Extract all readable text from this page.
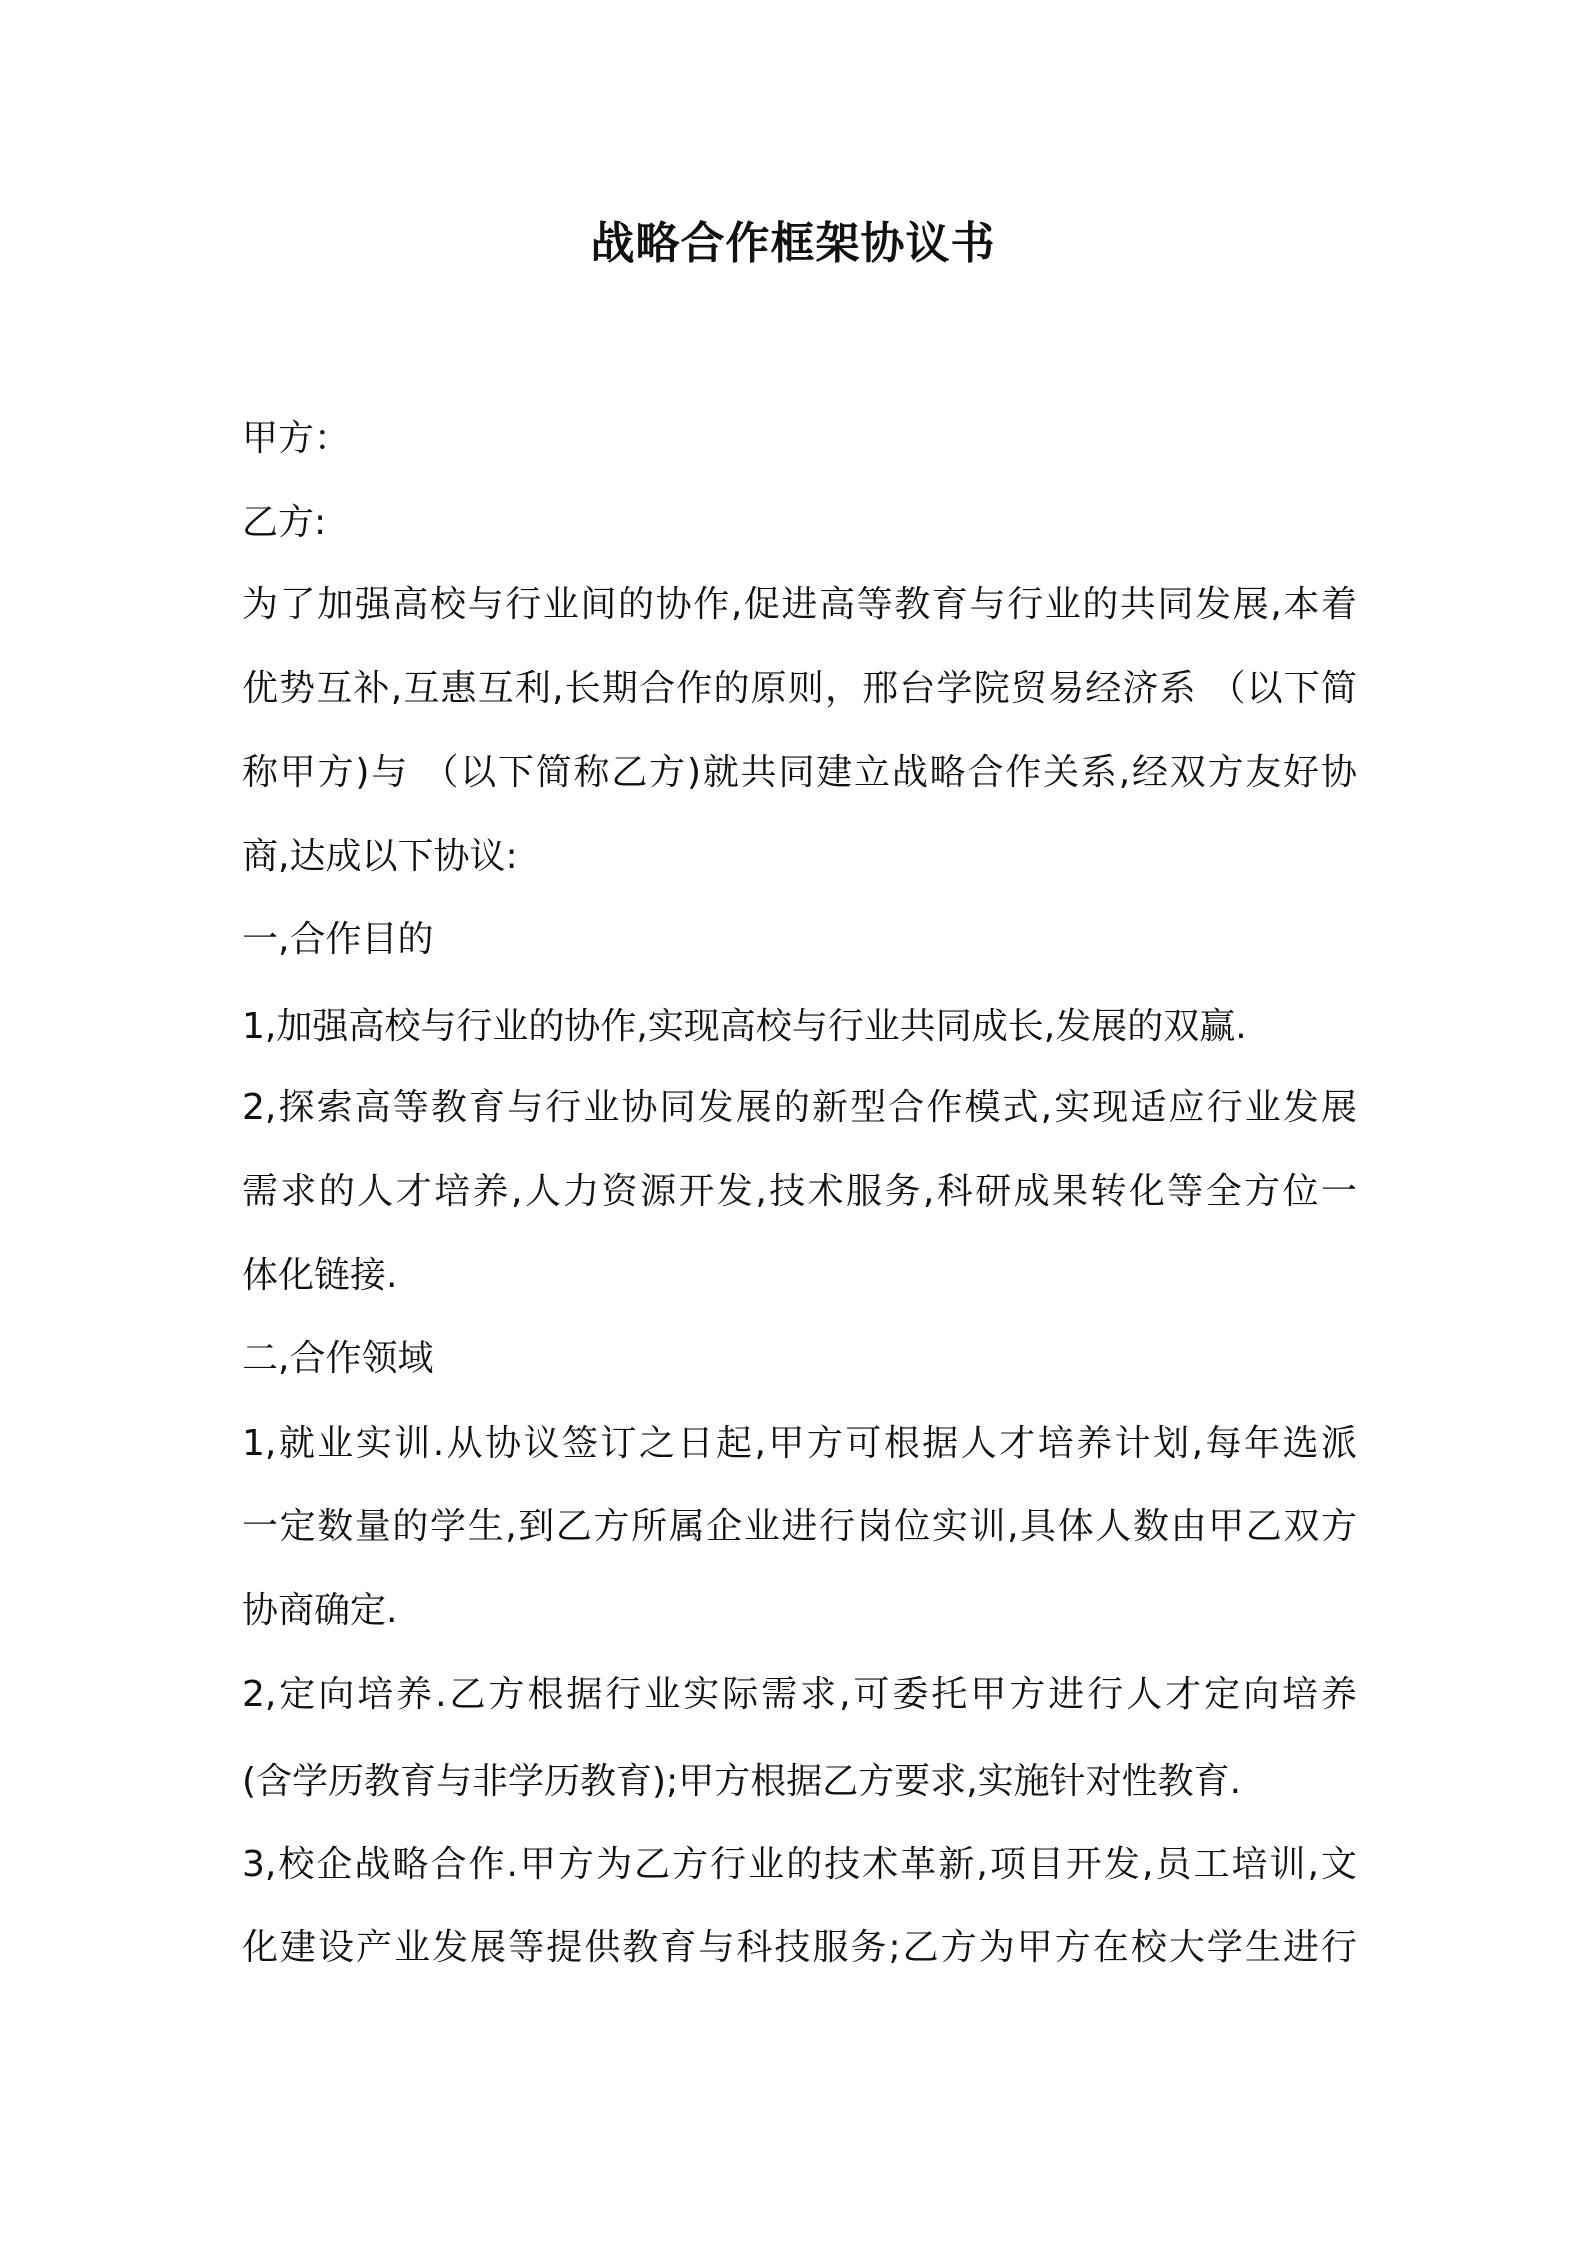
战略合作框架协议书
甲方：
乙方:
为了加强高校与行业间的协作,促进高等教育与行业的共同发展,本着
优势互补,互惠互利,长期合作的原则，邢台学院贸易经济系 （以下简
称甲方)与 （以下简称乙方)就共同建立战略合作关系,经双方友好协
商,达成以下协议:
一,合作目的
1,加强高校与行业的协作,实现高校与行业共同成长,发展的双赢.
2,探索高等教育与行业协同发展的新型合作模式,实现适应行业发展
需求的人才培养,人力资源开发,技术服务,科研成果转化等全方位一
体化链接.
二,合作领域
1,就业实训.从协议签订之日起,甲方可根据人才培养计划,每年选派
一定数量的学生,到乙方所属企业进行岗位实训,具体人数由甲乙双方
协商确定.
2,定向培养.乙方根据行业实际需求,可委托甲方进行人才定向培养
(含学历教育与非学历教育);甲方根据乙方要求,实施针对性教育.
3,校企战略合作.甲方为乙方行业的技术革新,项目开发,员工培训,文
化建设产业发展等提供教育与科技服务;乙方为甲方在校大学生进行
